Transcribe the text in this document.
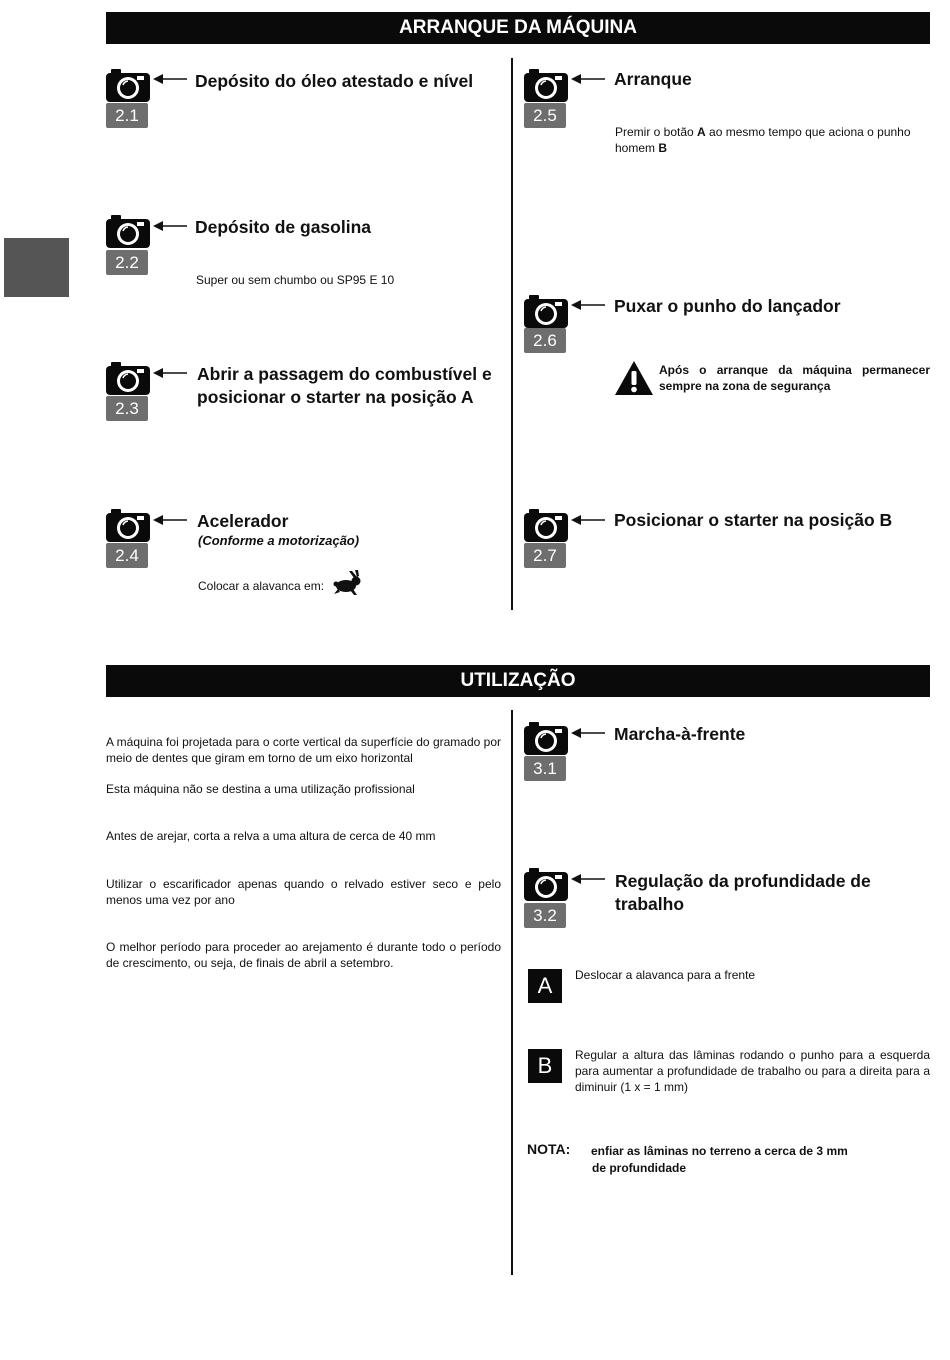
ARRANQUE DA MÁQUINA
UTILIZAÇÃO
2.1
Depósito do óleo atestado e nível
2.2
Depósito de gasolina
Super ou sem chumbo ou SP95 E 10
2.3
Abrir a passagem do combustível e
posicionar o starter na posição A
2.4
Acelerador
(Conforme a motorização)
Colocar a alavanca em:
2.5
Arranque
Premir o botão A ao mesmo tempo que aciona o punho homem B
2.6
Puxar o punho do lançador
Após o arranque da máquina permanecer sempre na zona de segurança
2.7
Posicionar o starter na posição B
A máquina foi projetada para o corte vertical da superfície do gramado por meio de dentes que giram em torno de um eixo horizontal
Esta máquina não se destina a uma utilização profissional
Antes de arejar, corta a relva a uma altura de cerca de 40 mm
Utilizar o escarificador apenas quando o relvado estiver seco e pelo menos uma vez por ano
O melhor período para proceder ao arejamento é durante todo o período de crescimento, ou seja, de finais de abril a setembro.
3.1
Marcha-à-frente
3.2
Regulação da profundidade de
trabalho
A	Deslocar a alavanca para a frente
B	Regular a altura das lâminas rodando o punho para a esquerda para aumentar a profundidade de trabalho ou para a direita para a diminuir (1 x = 1 mm)
NOTA: enfiar as lâminas no terreno a cerca de 3 mm
de profundidade
